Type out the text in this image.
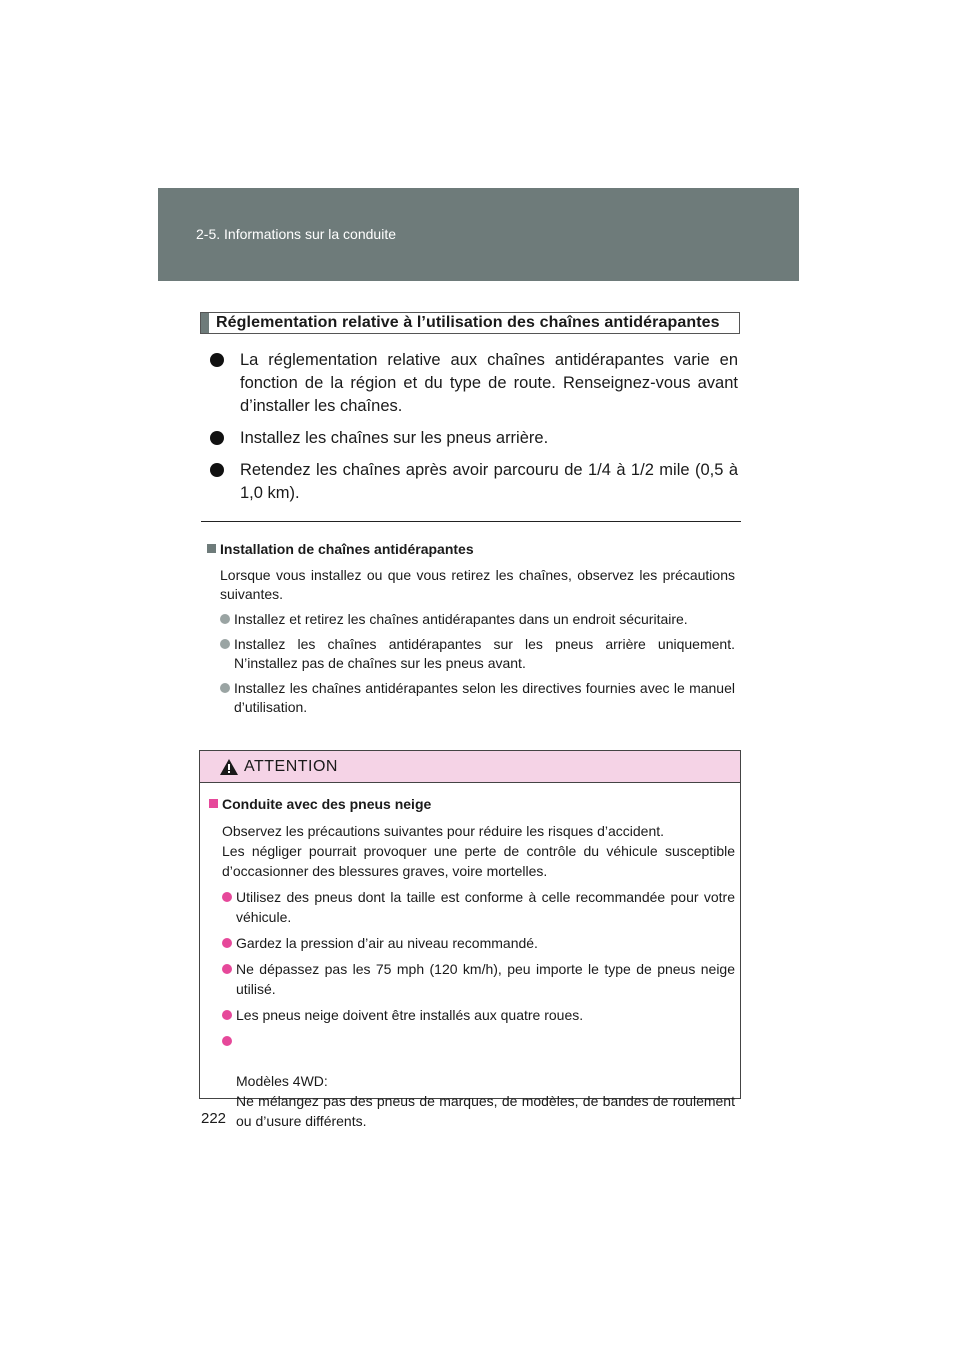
2-5. Informations sur la conduite
Réglementation relative à l’utilisation des chaînes antidérapantes
La réglementation relative aux chaînes antidérapantes varie en fonction de la région et du type de route. Renseignez-vous avant d’installer les chaînes.
Installez les chaînes sur les pneus arrière.
Retendez les chaînes après avoir parcouru de 1/4 à 1/2 mile (0,5 à 1,0 km).
Installation de chaînes antidérapantes
Lorsque vous installez ou que vous retirez les chaînes, observez les précautions suivantes.
Installez et retirez les chaînes antidérapantes dans un endroit sécuritaire.
Installez les chaînes antidérapantes sur les pneus arrière uniquement. N’installez pas de chaînes sur les pneus avant.
Installez les chaînes antidérapantes selon les directives fournies avec le manuel d’utilisation.
ATTENTION
Conduite avec des pneus neige
Observez les précautions suivantes pour réduire les risques d’accident.
Les négliger pourrait provoquer une perte de contrôle du véhicule susceptible d’occasionner des blessures graves, voire mortelles.
Utilisez des pneus dont la taille est conforme à celle recommandée pour votre véhicule.
Gardez la pression d’air au niveau recommandé.
Ne dépassez pas les 75 mph (120 km/h), peu importe le type de pneus neige utilisé.
Les pneus neige doivent être installés aux quatre roues.

Modèles 4WD:
Ne mélangez pas des pneus de marques, de modèles, de bandes de roulement ou d’usure différents.

222
